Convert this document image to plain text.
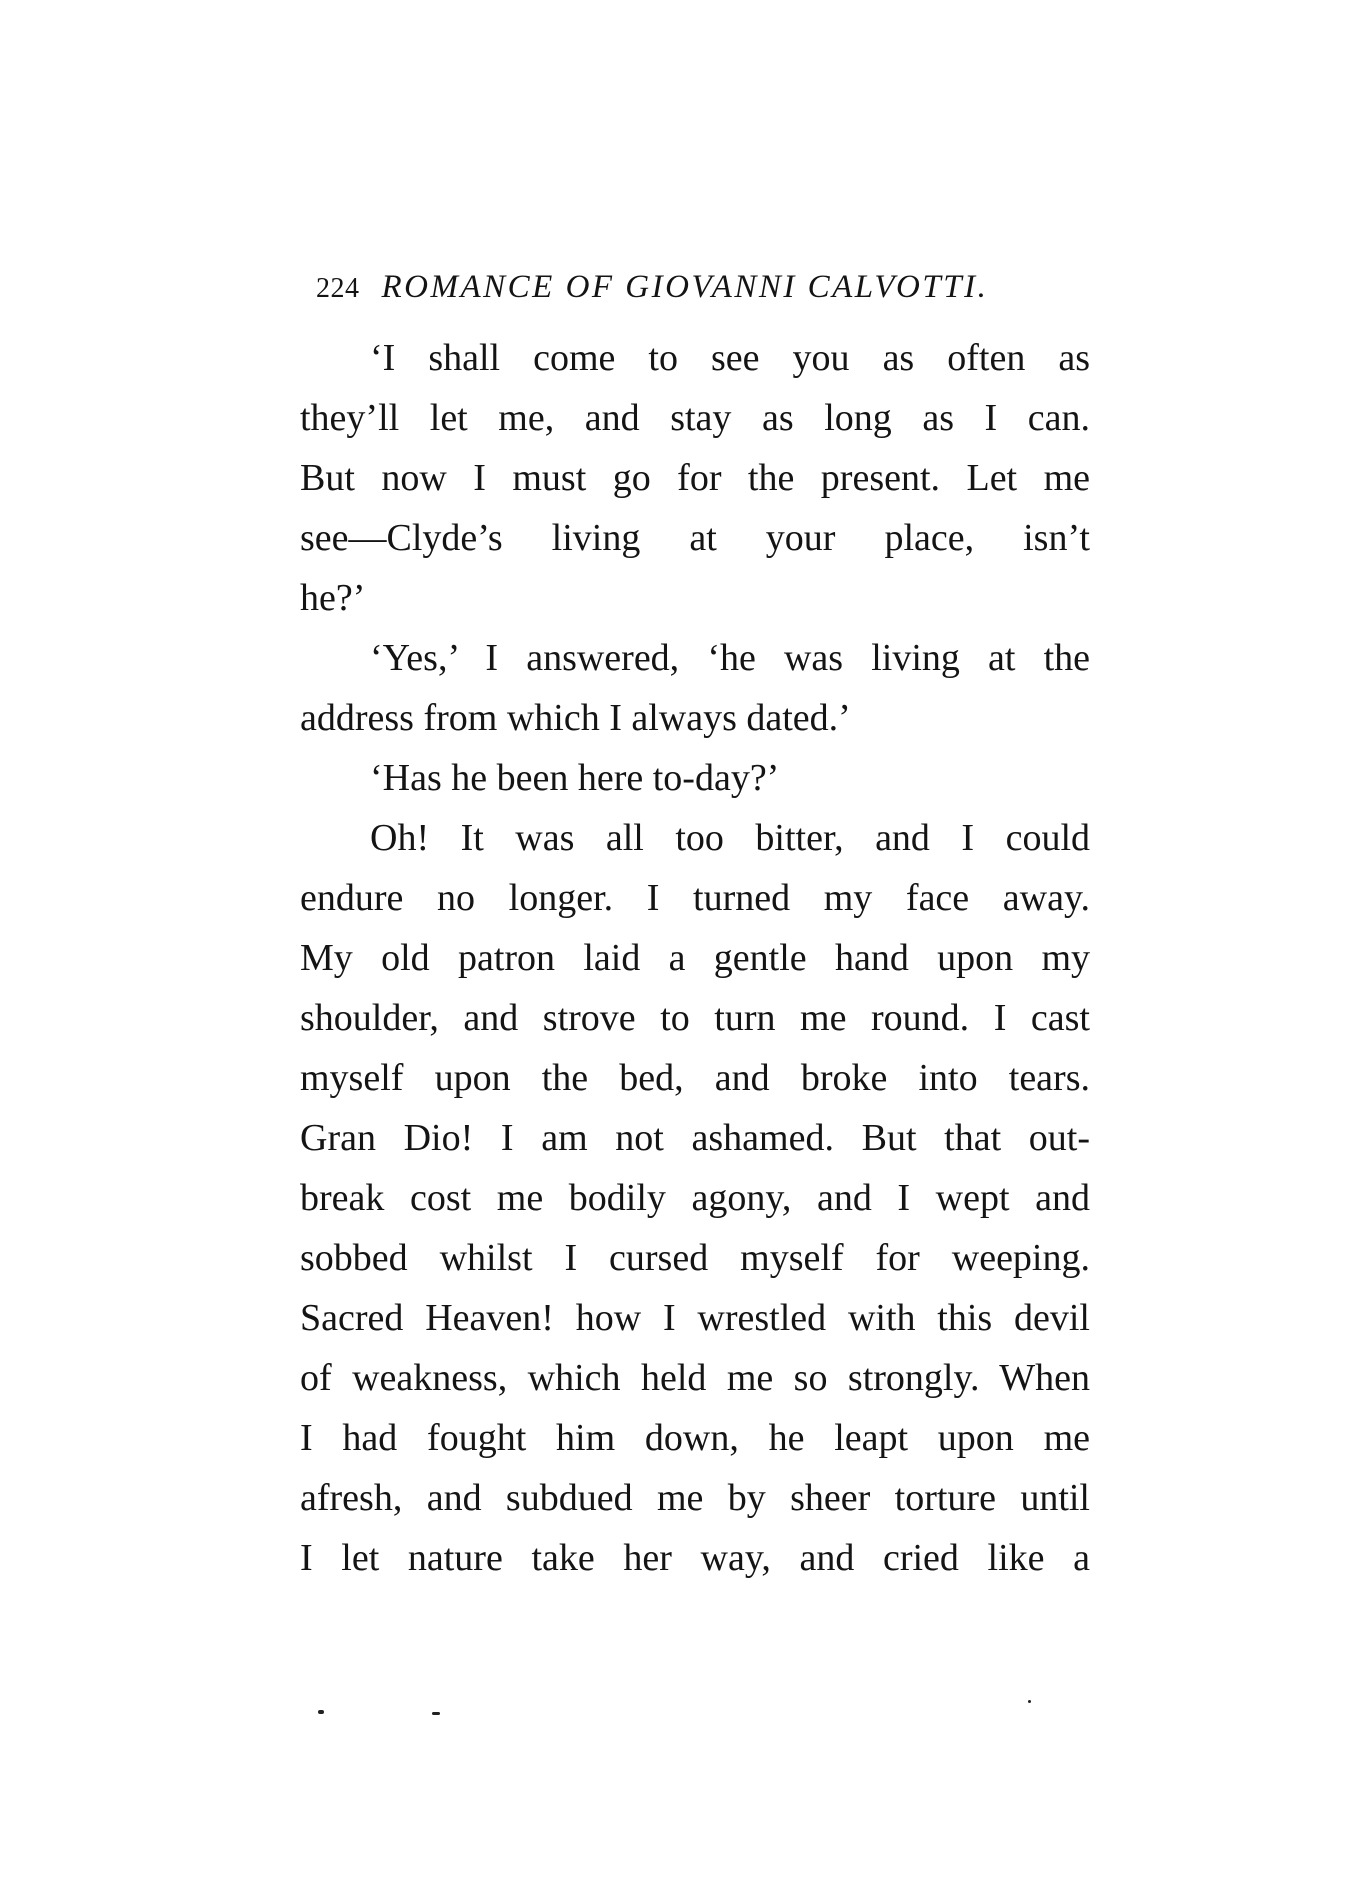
224 ROMANCE OF GIOVANNI CALVOTTI.
‘I shall come to see you as often as
they’ll let me, and stay as long as I can.
But now I must go for the present. Let me
see—Clyde’s living at your place, isn’t
he?’
‘Yes,’ I answered, ‘he was living at the
address from which I always dated.’
‘Has he been here to-day?’
Oh! It was all too bitter, and I could
endure no longer. I turned my face away.
My old patron laid a gentle hand upon my
shoulder, and strove to turn me round. I cast
myself upon the bed, and broke into tears.
Gran Dio! I am not ashamed. But that out-
break cost me bodily agony, and I wept and
sobbed whilst I cursed myself for weeping.
Sacred Heaven! how I wrestled with this devil
of weakness, which held me so strongly. When
I had fought him down, he leapt upon me
afresh, and subdued me by sheer torture until
I let nature take her way, and cried like a
